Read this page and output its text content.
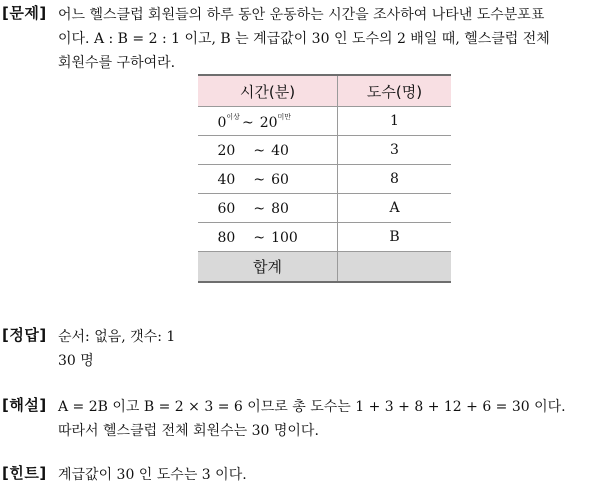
[문제] 어느 헬스클럽 회원들의 하루 동안 운동하는 시간을 조사하여 나타낸 도수분포표
이다. A : B = 2 : 1 이고, B 는 계급값이 30 인 도수의 2 배일 때, 헬스클럽 전체
회원수를 구하여라.
시간(분)	도수(명)
$0^{이상}$ ~ $20^{미만}$	1
20 ~ 40	3
40 ~ 60	8
60 ~ 80	A
80 ~ 100	B
합계	
[정답] 순서: 없음, 갯수: 1
30 명
[해설] A = 2B 이고 B = 2 × 3 = 6 이므로 총 도수는 1 + 3 + 8 + 12 + 6 = 30 이다.
따라서 헬스클럽 전체 회원수는 30 명이다.
[힌트] 계급값이 30 인 도수는 3 이다.
